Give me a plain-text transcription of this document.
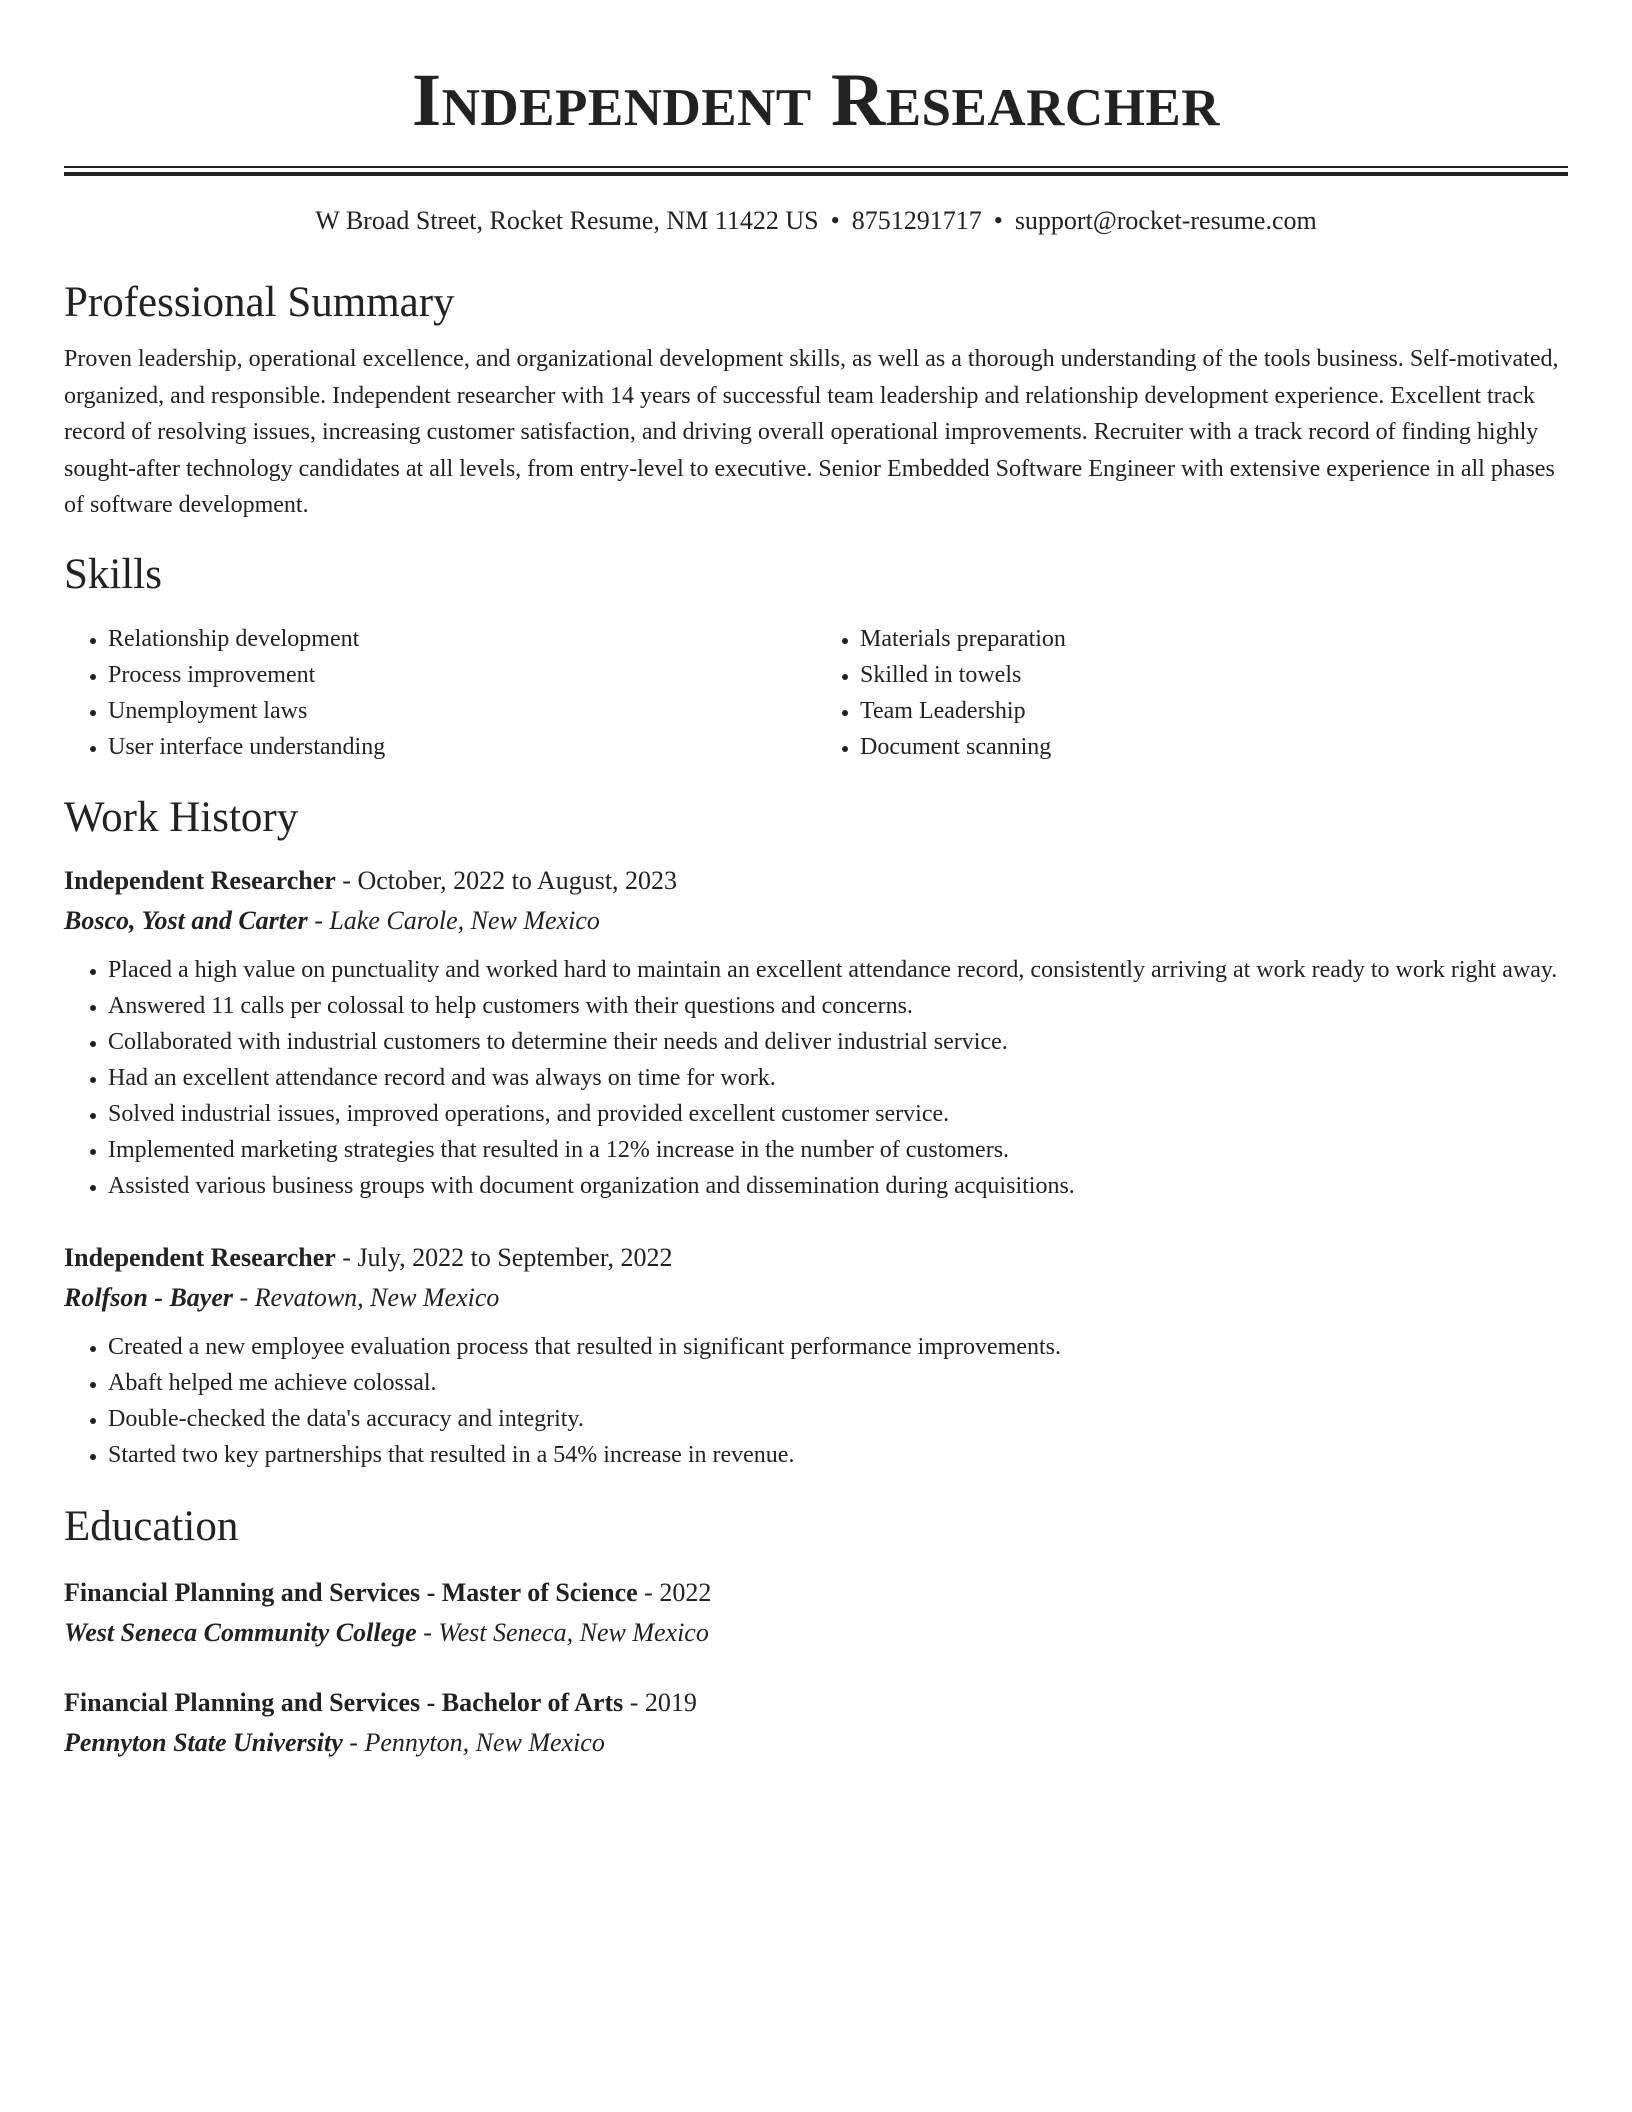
Independent Researcher
W Broad Street, Rocket Resume, NM 11422 US • 8751291717 • support@rocket-resume.com
Professional Summary

Proven leadership, operational excellence, and organizational development skills, as well as a thorough understanding of the tools business. Self-motivated, organized, and responsible. Independent researcher with 14 years of successful team leadership and relationship development experience. Excellent track record of resolving issues, increasing customer satisfaction, and driving overall operational improvements. Recruiter with a track record of finding highly sought-after technology candidates at all levels, from entry-level to executive. Senior Embedded Software Engineer with extensive experience in all phases of software development.

Skills
• Relationship development
• Process improvement
• Unemployment laws
• User interface understanding
• Materials preparation
• Skilled in towels
• Team Leadership
• Document scanning
Work History

Independent Researcher - October, 2022 to August, 2023

Bosco, Yost and Carter - Lake Carole, New Mexico

• Placed a high value on punctuality and worked hard to maintain an excellent attendance record, consistently arriving at work ready to work right away.
• Answered 11 calls per colossal to help customers with their questions and concerns.
• Collaborated with industrial customers to determine their needs and deliver industrial service.
• Had an excellent attendance record and was always on time for work.
• Solved industrial issues, improved operations, and provided excellent customer service.
• Implemented marketing strategies that resulted in a 12% increase in the number of customers.
• Assisted various business groups with document organization and dissemination during acquisitions.

Independent Researcher - July, 2022 to September, 2022

Rolfson - Bayer - Revatown, New Mexico

• Created a new employee evaluation process that resulted in significant performance improvements.
• Abaft helped me achieve colossal.
• Double-checked the data's accuracy and integrity.
• Started two key partnerships that resulted in a 54% increase in revenue.
Education

Financial Planning and Services - Master of Science - 2022

West Seneca Community College - West Seneca, New Mexico

Financial Planning and Services - Bachelor of Arts - 2019

Pennyton State University - Pennyton, New Mexico
